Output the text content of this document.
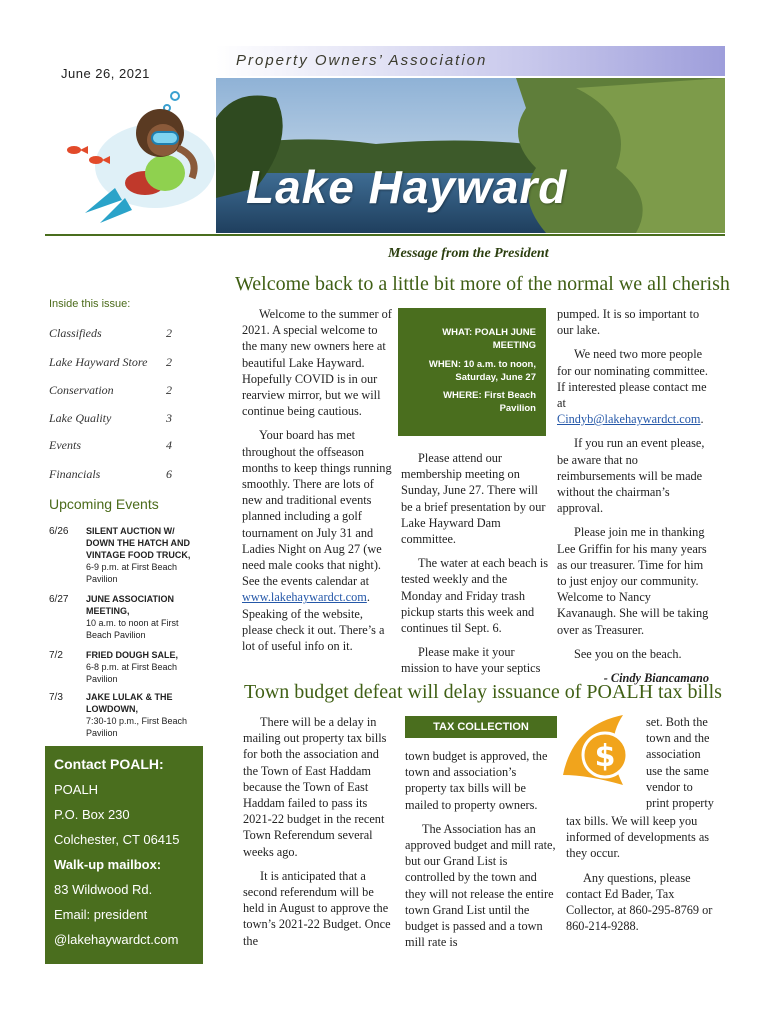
June 26, 2021
Property Owners’ Association
Lake Hayward
Message from the President
Welcome back to a little bit more of the normal we all cherish
Inside this issue:
Classifieds	2
Lake Hayward Store	2
Conservation	2
Lake Quality	3
Events	4
Financials	6
Upcoming Events
6/26 SILENT AUCTION W/ DOWN THE HATCH AND VINTAGE FOOD TRUCK,
6-9 p.m. at First Beach Pavilion
6/27 JUNE ASSOCIATION MEETING,
10 a.m. to noon at First Beach Pavilion
7/2	FRIED DOUGH SALE,
6-8 p.m. at First Beach Pavilion
7/3	JAKE LULAK & THE LOWDOWN,
7:30-10 p.m., First Beach Pavilion
Contact POALH:
POALH
P.O. Box 230
Colchester, CT 06415
Walk-up mailbox:
83 Wildwood Rd.
Email: president
@lakehaywardct.com

Welcome to the summer of 2021. A special welcome to the many new owners here at beautiful Lake Hayward. Hopefully COVID is in our rearview mirror, but we will continue being cautious.

Your board has met throughout the offseason months to keep things running smoothly. There are lots of new and traditional events planned including a golf tournament on July 31 and Ladies Night on Aug 27 (we need male cooks that night). See the events calendar at www.lakehaywardct.com. Speaking of the website, please check it out. There’s a lot of useful info on it.

WHAT: POALH JUNE MEETING
WHEN: 10 a.m. to noon, Saturday, June 27
WHERE: First Beach Pavilion

Please attend our membership meeting on Sunday, June 27. There will be a brief presentation by our Lake Hayward Dam committee.

The water at each beach is tested weekly and the Monday and Friday trash pickup starts this week and continues til Sept. 6.

Please make it your mission to have your septics

pumped. It is so important to our lake.

We need two more people for our nominating committee. If interested please contact me at Cindyb@lakehaywardct.com.

If you run an event please, be aware that no reimbursements will be made without the chairman’s approval.

Please join me in thanking Lee Griffin for his many years as our treasurer. Time for him to just enjoy our community. Welcome to Nancy Kavanaugh. She will be taking over as Treasurer.

See you on the beach.

- Cindy Biancamano

Town budget defeat will delay issuance of POALH tax bills

There will be a delay in mailing out property tax bills for both the association and the Town of East Haddam because the Town of East Haddam failed to pass its 2021-22 budget in the recent Town Referendum several weeks ago.

It is anticipated that a second referendum will be held in August to approve the town’s 2021-22 Budget. Once the

TAX COLLECTION

town budget is approved, the town and association’s property tax bills will be mailed to property owners.

The Association has an approved budget and mill rate, but our Grand List is controlled by the town and they will not release the entire town Grand List until the budget is passed and a town mill rate is

$

set. Both the town and the association use the same vendor to print property

tax bills. We will keep you informed of developments as they occur.

Any questions, please contact Ed Bader, Tax Collector, at 860-295-8769 or 860-214-9288.
